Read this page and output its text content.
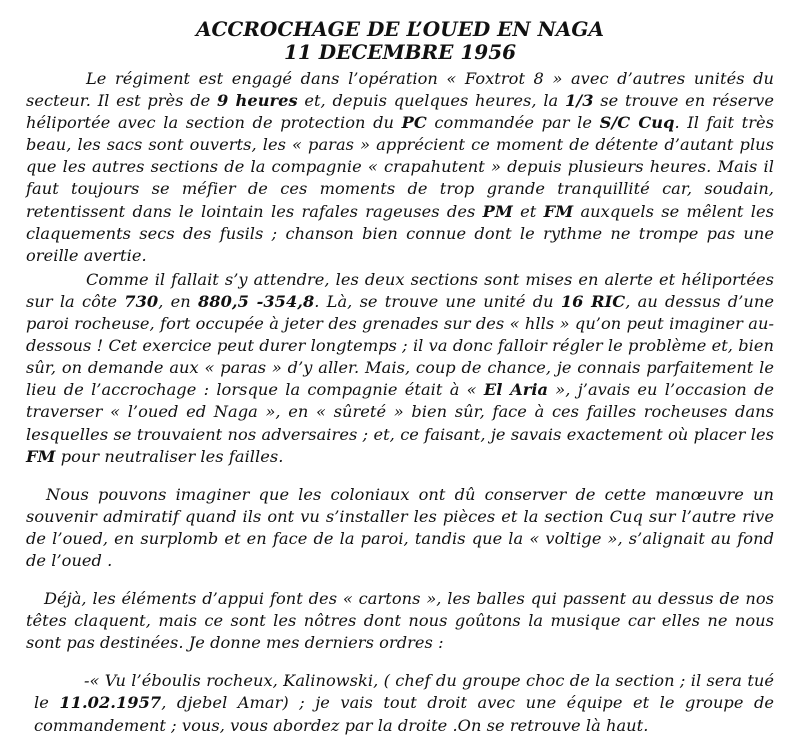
ACCROCHAGE DE L’OUED EN NAGA
11 DECEMBRE 1956

Le régiment est engagé dans l’opération « Foxtrot 8 » avec d’autres unités du secteur. Il est près de 9 heures et, depuis quelques heures, la 1/3 se trouve en réserve héliportée avec la section de protection du PC commandée par le S/C Cuq. Il fait très beau, les sacs sont ouverts, les « paras » apprécient ce moment de détente d’autant plus que les autres sections de la compagnie « crapahutent » depuis plusieurs heures. Mais il faut toujours se méfier de ces moments de trop grande tranquillité car, soudain, retentissent dans le lointain les rafales rageuses des PM et FM auxquels se mêlent les claquements secs des fusils ; chanson bien connue dont le rythme ne trompe pas une oreille avertie.

Comme il fallait s’y attendre, les deux sections sont mises en alerte et héliportées sur la côte 730, en 880,5 -354,8. Là, se trouve une unité du 16 RIC, au dessus d’une paroi rocheuse, fort occupée à jeter des grenades sur des « hlls » qu’on peut imaginer au-dessous ! Cet exercice peut durer longtemps ; il va donc falloir régler le problème et, bien sûr, on demande aux « paras » d’y aller. Mais, coup de chance, je connais parfaitement le lieu de l’accrochage : lorsque la compagnie était à « El Aria », j’avais eu l’occasion de traverser « l’oued ed Naga », en « sûreté » bien sûr, face à ces failles rocheuses dans lesquelles se trouvaient nos adversaires ; et, ce faisant, je savais exactement où placer les FM pour neutraliser les failles.

Nous pouvons imaginer que les coloniaux ont dû conserver de cette manœuvre un souvenir admiratif quand ils ont vu s’installer les pièces et la section Cuq sur l’autre rive de l’oued, en surplomb et en face de la paroi, tandis que la « voltige », s’alignait au fond de l’oued .

Déjà, les éléments d’appui font des « cartons », les balles qui passent au dessus de nos têtes claquent, mais ce sont les nôtres dont nous goûtons la musique car elles ne nous sont pas destinées. Je donne mes derniers ordres :

-« Vu l’éboulis rocheux, Kalinowski, ( chef du groupe choc de la section ; il sera tué le 11.02.1957, djebel Amar) ; je vais tout droit avec une équipe et le groupe de commandement ; vous, vous abordez par la droite .On se retrouve là haut.
